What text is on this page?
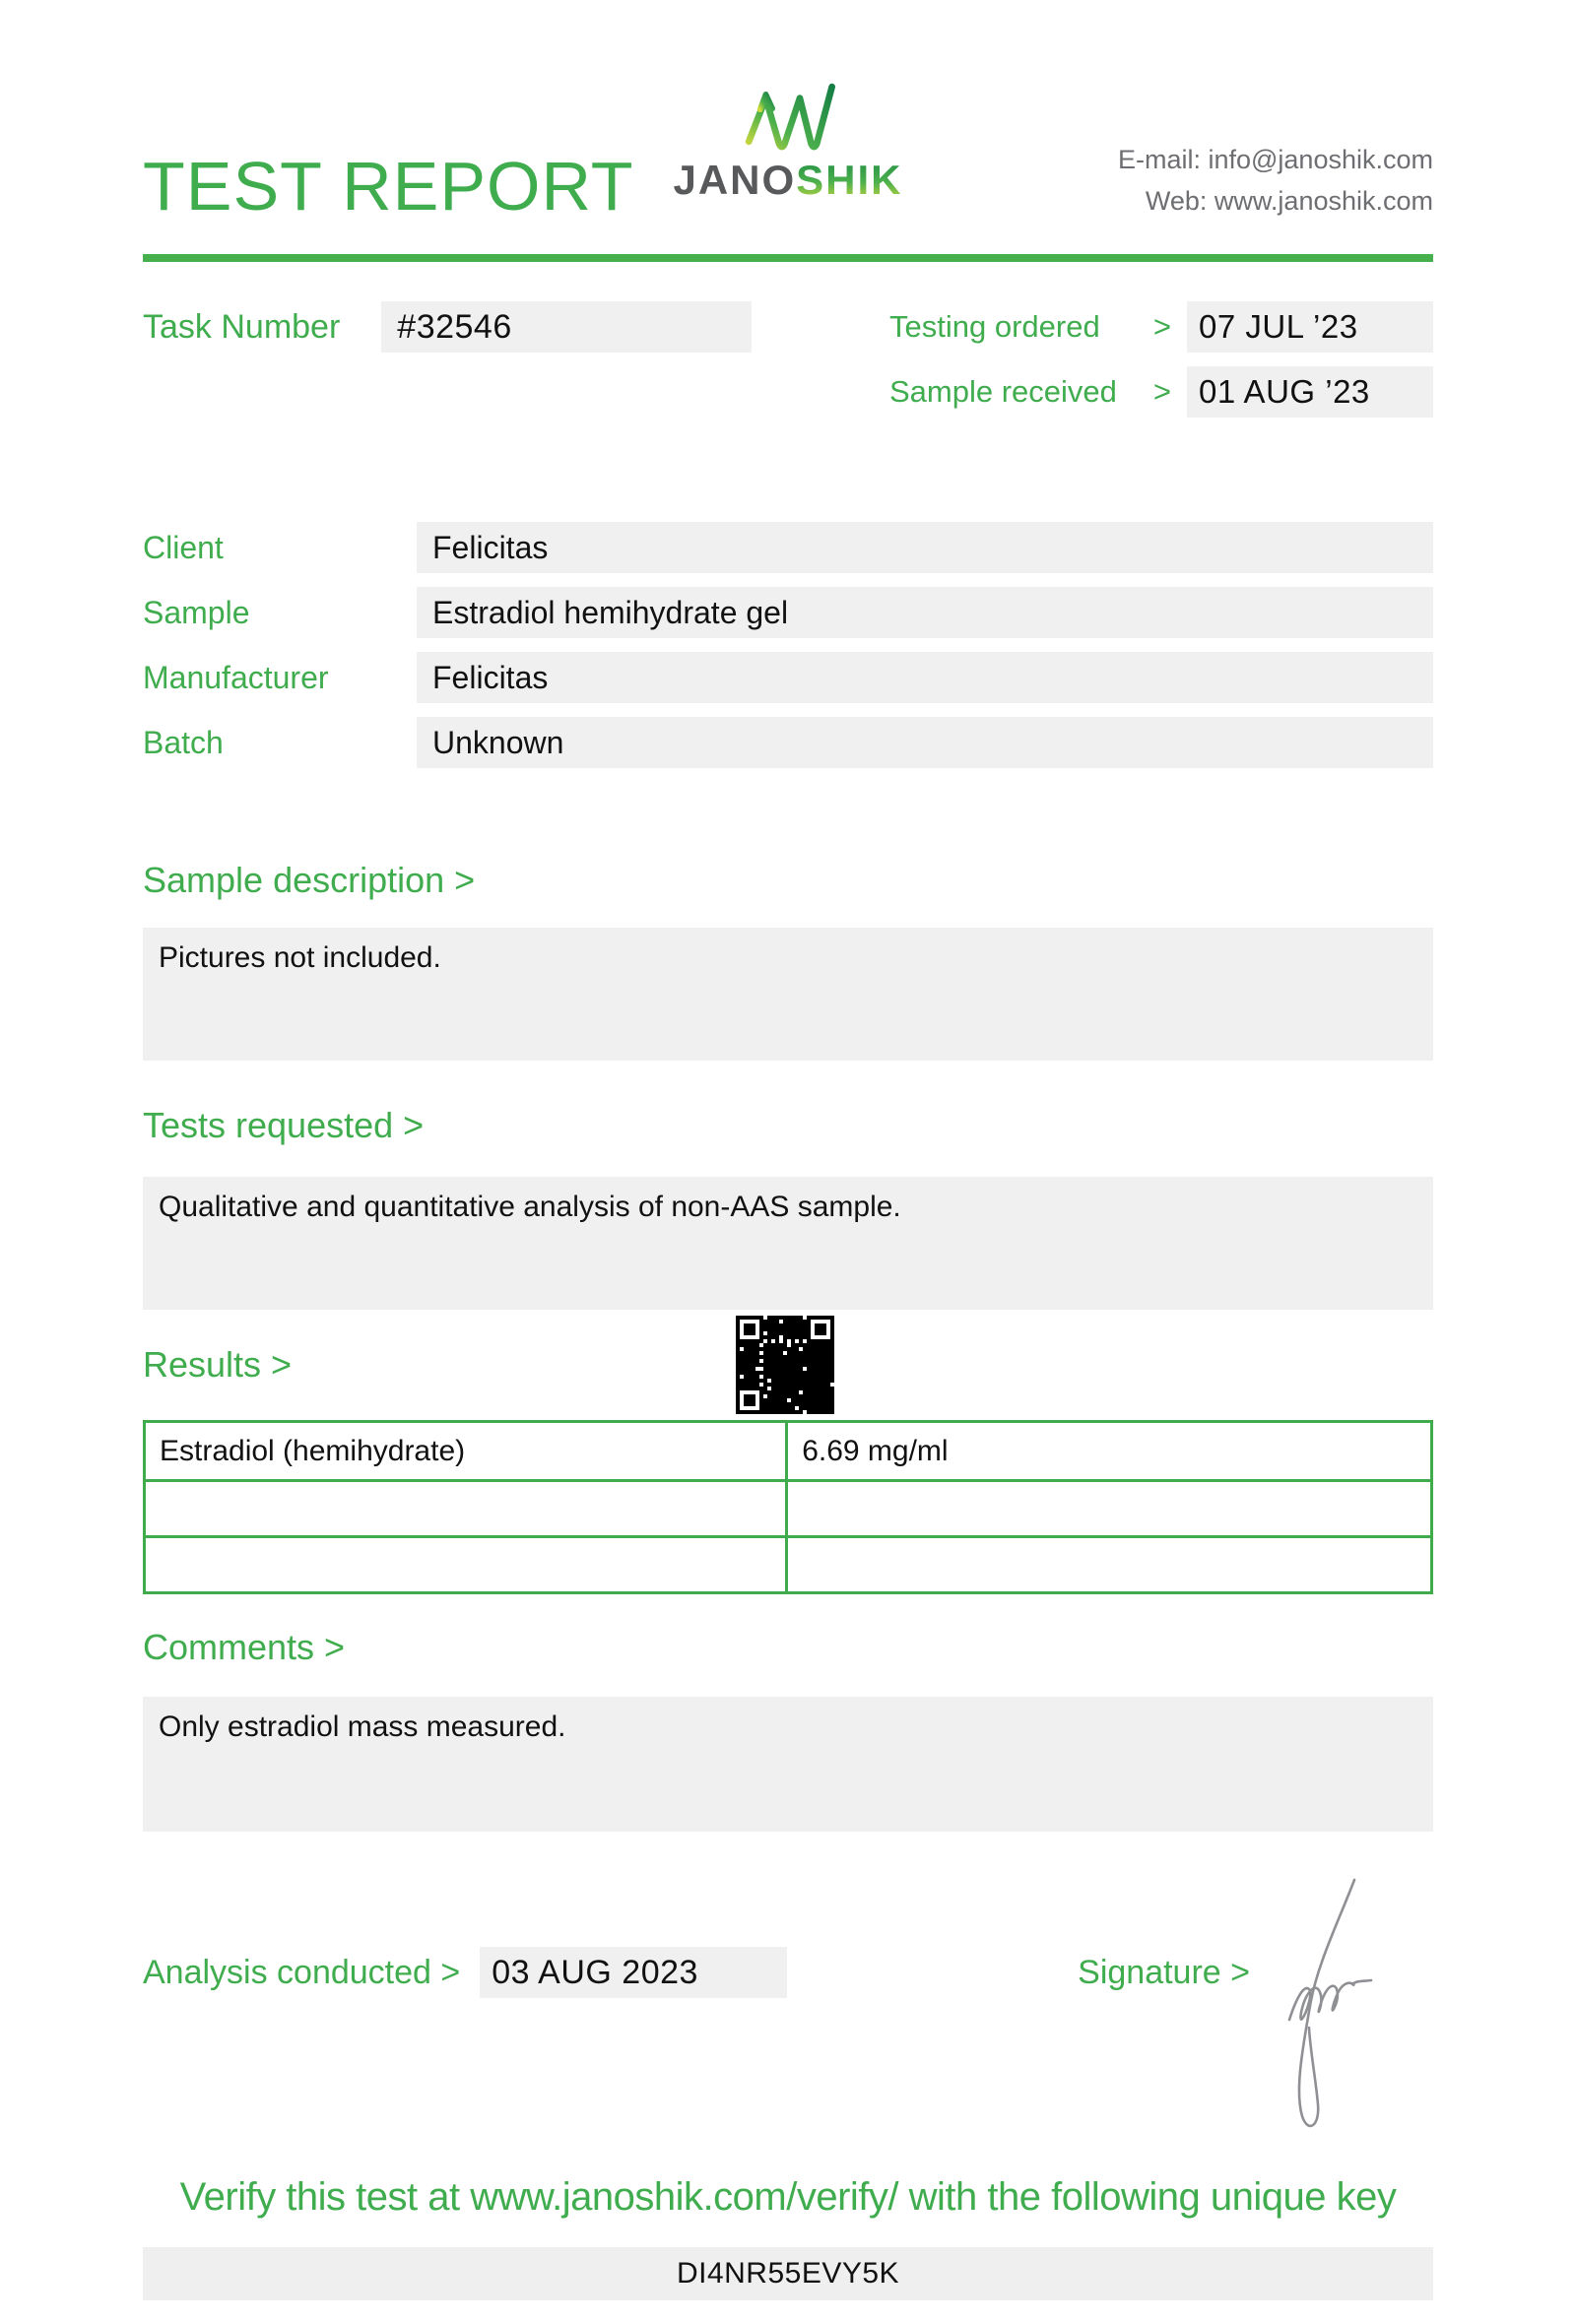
TEST REPORT JANOSHIK	E-mail: info@janoshik.com
Web: www.janoshik.com
Task Number	#32546	Testing ordered	> 07 JUL ’23
Sample received	> 01 AUG ’23
Client	Felicitas
Sample	Estradiol hemihydrate gel
Manufacturer	Felicitas
Batch	Unknown
Sample description >
Pictures not included.
Tests requested >
Qualitative and quantitative analysis of non-AAS sample.
Results >
Estradiol (hemihydrate)	6.69 mg/ml

Comments >
Only estradiol mass measured.
Analysis conducted > 03 AUG 2023	Signature >
Verify this test at www.janoshik.com/verify/ with the following unique key
DI4NR55EVY5K
